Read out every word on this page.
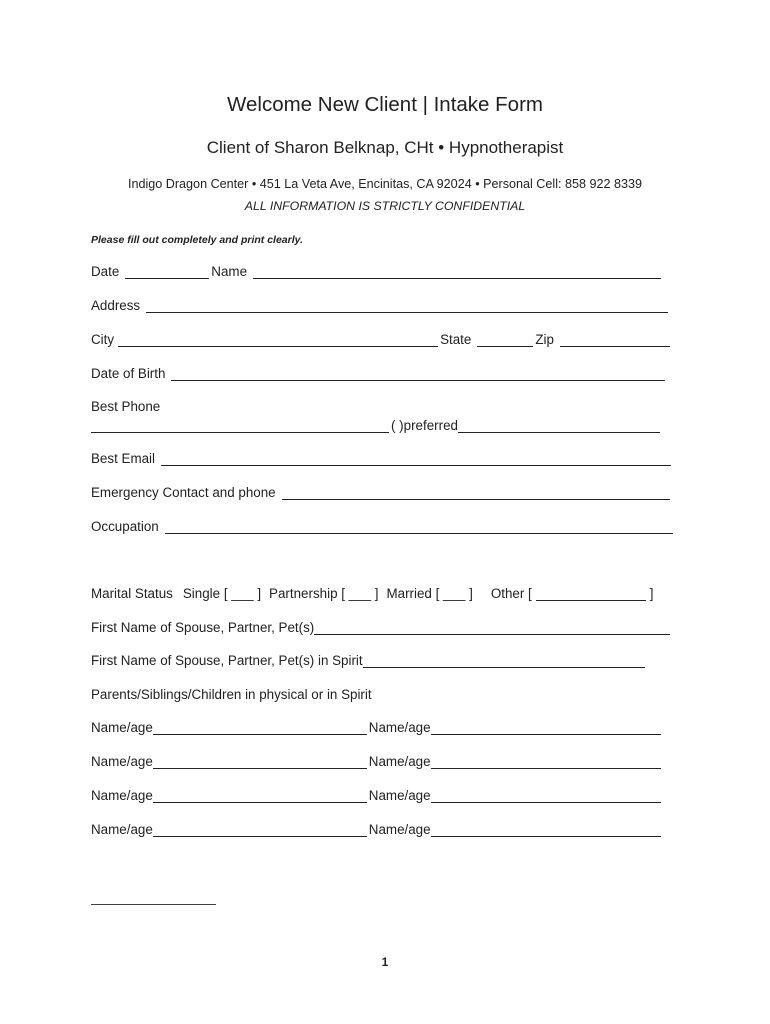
Welcome New Client | Intake Form
Client of Sharon Belknap, CHt • Hypnotherapist
Indigo Dragon Center • 451 La Veta Ave, Encinitas, CA 92024 • Personal Cell: 858 922 8339
ALL INFORMATION IS STRICTLY CONFIDENTIAL
Please fill out completely and print clearly.
Date	Name
Address
City	State	Zip
Date of Birth
Best Phone
( )preferred
Best Email
Emergency Contact and phone
Occupation
Marital Status Single [ ___ ] Partnership [ ___ ] Married [ ___ ] Other [	]
First Name of Spouse, Partner, Pet(s)
First Name of Spouse, Partner, Pet(s) in Spirit
Parents/Siblings/Children in physical or in Spirit
Name/age	Name/age
Name/age	Name/age
Name/age	Name/age
Name/age	Name/age
1
